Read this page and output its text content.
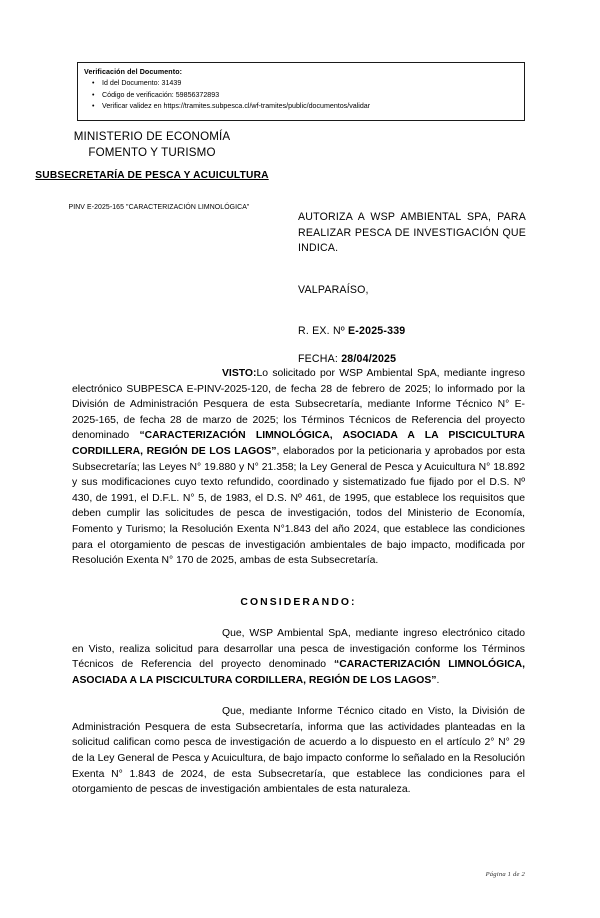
Verificación del Documento:
• Id del Documento: 31439
• Código de verificación: 59856372893
• Verificar validez en https://tramites.subpesca.cl/wf-tramites/public/documentos/validar
MINISTERIO DE ECONOMÍA
FOMENTO Y TURISMO
SUBSECRETARÍA DE PESCA Y ACUICULTURA
PINV E-2025-165 "CARACTERIZACIÓN LIMNOLÓGICA"
AUTORIZA A WSP AMBIENTAL SPA, PARA REALIZAR PESCA DE INVESTIGACIÓN QUE INDICA.
VALPARAÍSO,
R. EX. Nº E-2025-339
FECHA: 28/04/2025

VISTO:Lo solicitado por WSP Ambiental SpA, mediante ingreso electrónico SUBPESCA E-PINV-2025-120, de fecha 28 de febrero de 2025; lo informado por la División de Administración Pesquera de esta Subsecretaría, mediante Informe Técnico N° E-2025-165, de fecha 28 de marzo de 2025; los Términos Técnicos de Referencia del proyecto denominado “CARACTERIZACIÓN LIMNOLÓGICA, ASOCIADA A LA PISCICULTURA CORDILLERA, REGIÓN DE LOS LAGOS”, elaborados por la peticionaria y aprobados por esta Subsecretaría; las Leyes N° 19.880 y N° 21.358; la Ley General de Pesca y Acuicultura N° 18.892 y sus modificaciones cuyo texto refundido, coordinado y sistematizado fue fijado por el D.S. Nº 430, de 1991, el D.F.L. N° 5, de 1983, el D.S. Nº 461, de 1995, que establece los requisitos que deben cumplir las solicitudes de pesca de investigación, todos del Ministerio de Economía, Fomento y Turismo; la Resolución Exenta N°1.843 del año 2024, que establece las condiciones para el otorgamiento de pescas de investigación ambientales de bajo impacto, modificada por Resolución Exenta N° 170 de 2025, ambas de esta Subsecretaría.

CONSIDERANDO:

Que, WSP Ambiental SpA, mediante ingreso electrónico citado en Visto, realiza solicitud para desarrollar una pesca de investigación conforme los Términos Técnicos de Referencia del proyecto denominado “CARACTERIZACIÓN LIMNOLÓGICA, ASOCIADA A LA PISCICULTURA CORDILLERA, REGIÓN DE LOS LAGOS”.

Que, mediante Informe Técnico citado en Visto, la División de Administración Pesquera de esta Subsecretaría, informa que las actividades planteadas en la solicitud califican como pesca de investigación de acuerdo a lo dispuesto en el artículo 2° N° 29 de la Ley General de Pesca y Acuicultura, de bajo impacto conforme lo señalado en la Resolución Exenta N° 1.843 de 2024, de esta Subsecretaría, que establece las condiciones para el otorgamiento de pescas de investigación ambientales de esta naturaleza.

Página 1 de 2
